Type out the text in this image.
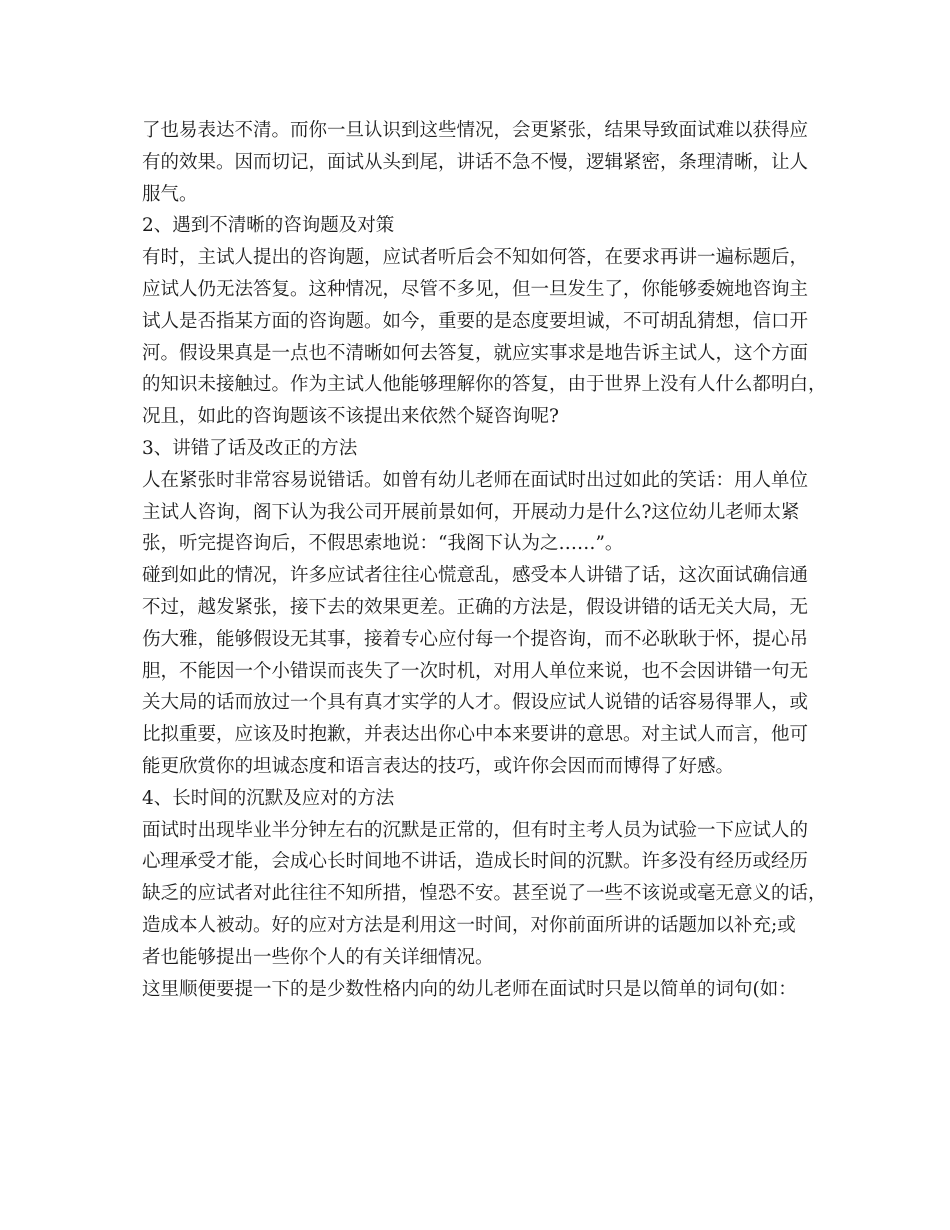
了也易表达不清。而你一旦认识到这些情况，会更紧张，结果导致面试难以获得应
有的效果。因而切记，面试从头到尾，讲话不急不慢，逻辑紧密，条理清晰，让人
服气。
2、遇到不清晰的咨询题及对策
有时，主试人提出的咨询题，应试者听后会不知如何答，在要求再讲一遍标题后，
应试人仍无法答复。这种情况，尽管不多见，但一旦发生了，你能够委婉地咨询主
试人是否指某方面的咨询题。如今，重要的是态度要坦诚，不可胡乱猜想，信口开
河。假设果真是一点也不清晰如何去答复，就应实事求是地告诉主试人，这个方面
的知识未接触过。作为主试人他能够理解你的答复，由于世界上没有人什么都明白，
况且，如此的咨询题该不该提出来依然个疑咨询呢?
3、讲错了话及改正的方法
人在紧张时非常容易说错话。如曾有幼儿老师在面试时出过如此的笑话：用人单位
主试人咨询，阁下认为我公司开展前景如何，开展动力是什么?这位幼儿老师太紧
张，听完提咨询后，不假思索地说：“我阁下认为之……”。
碰到如此的情况，许多应试者往往心慌意乱，感受本人讲错了话，这次面试确信通
不过，越发紧张，接下去的效果更差。正确的方法是，假设讲错的话无关大局，无
伤大雅，能够假设无其事，接着专心应付每一个提咨询，而不必耿耿于怀，提心吊
胆，不能因一个小错误而丧失了一次时机，对用人单位来说，也不会因讲错一句无
关大局的话而放过一个具有真才实学的人才。假设应试人说错的话容易得罪人，或
比拟重要，应该及时抱歉，并表达出你心中本来要讲的意思。对主试人而言，他可
能更欣赏你的坦诚态度和语言表达的技巧，或许你会因而而博得了好感。
4、长时间的沉默及应对的方法
面试时出现毕业半分钟左右的沉默是正常的，但有时主考人员为试验一下应试人的
心理承受才能，会成心长时间地不讲话，造成长时间的沉默。许多没有经历或经历
缺乏的应试者对此往往不知所措，惶恐不安。甚至说了一些不该说或毫无意义的话，
造成本人被动。好的应对方法是利用这一时间，对你前面所讲的话题加以补充;或
者也能够提出一些你个人的有关详细情况。
这里顺便要提一下的是少数性格内向的幼儿老师在面试时只是以简单的词句(如：
